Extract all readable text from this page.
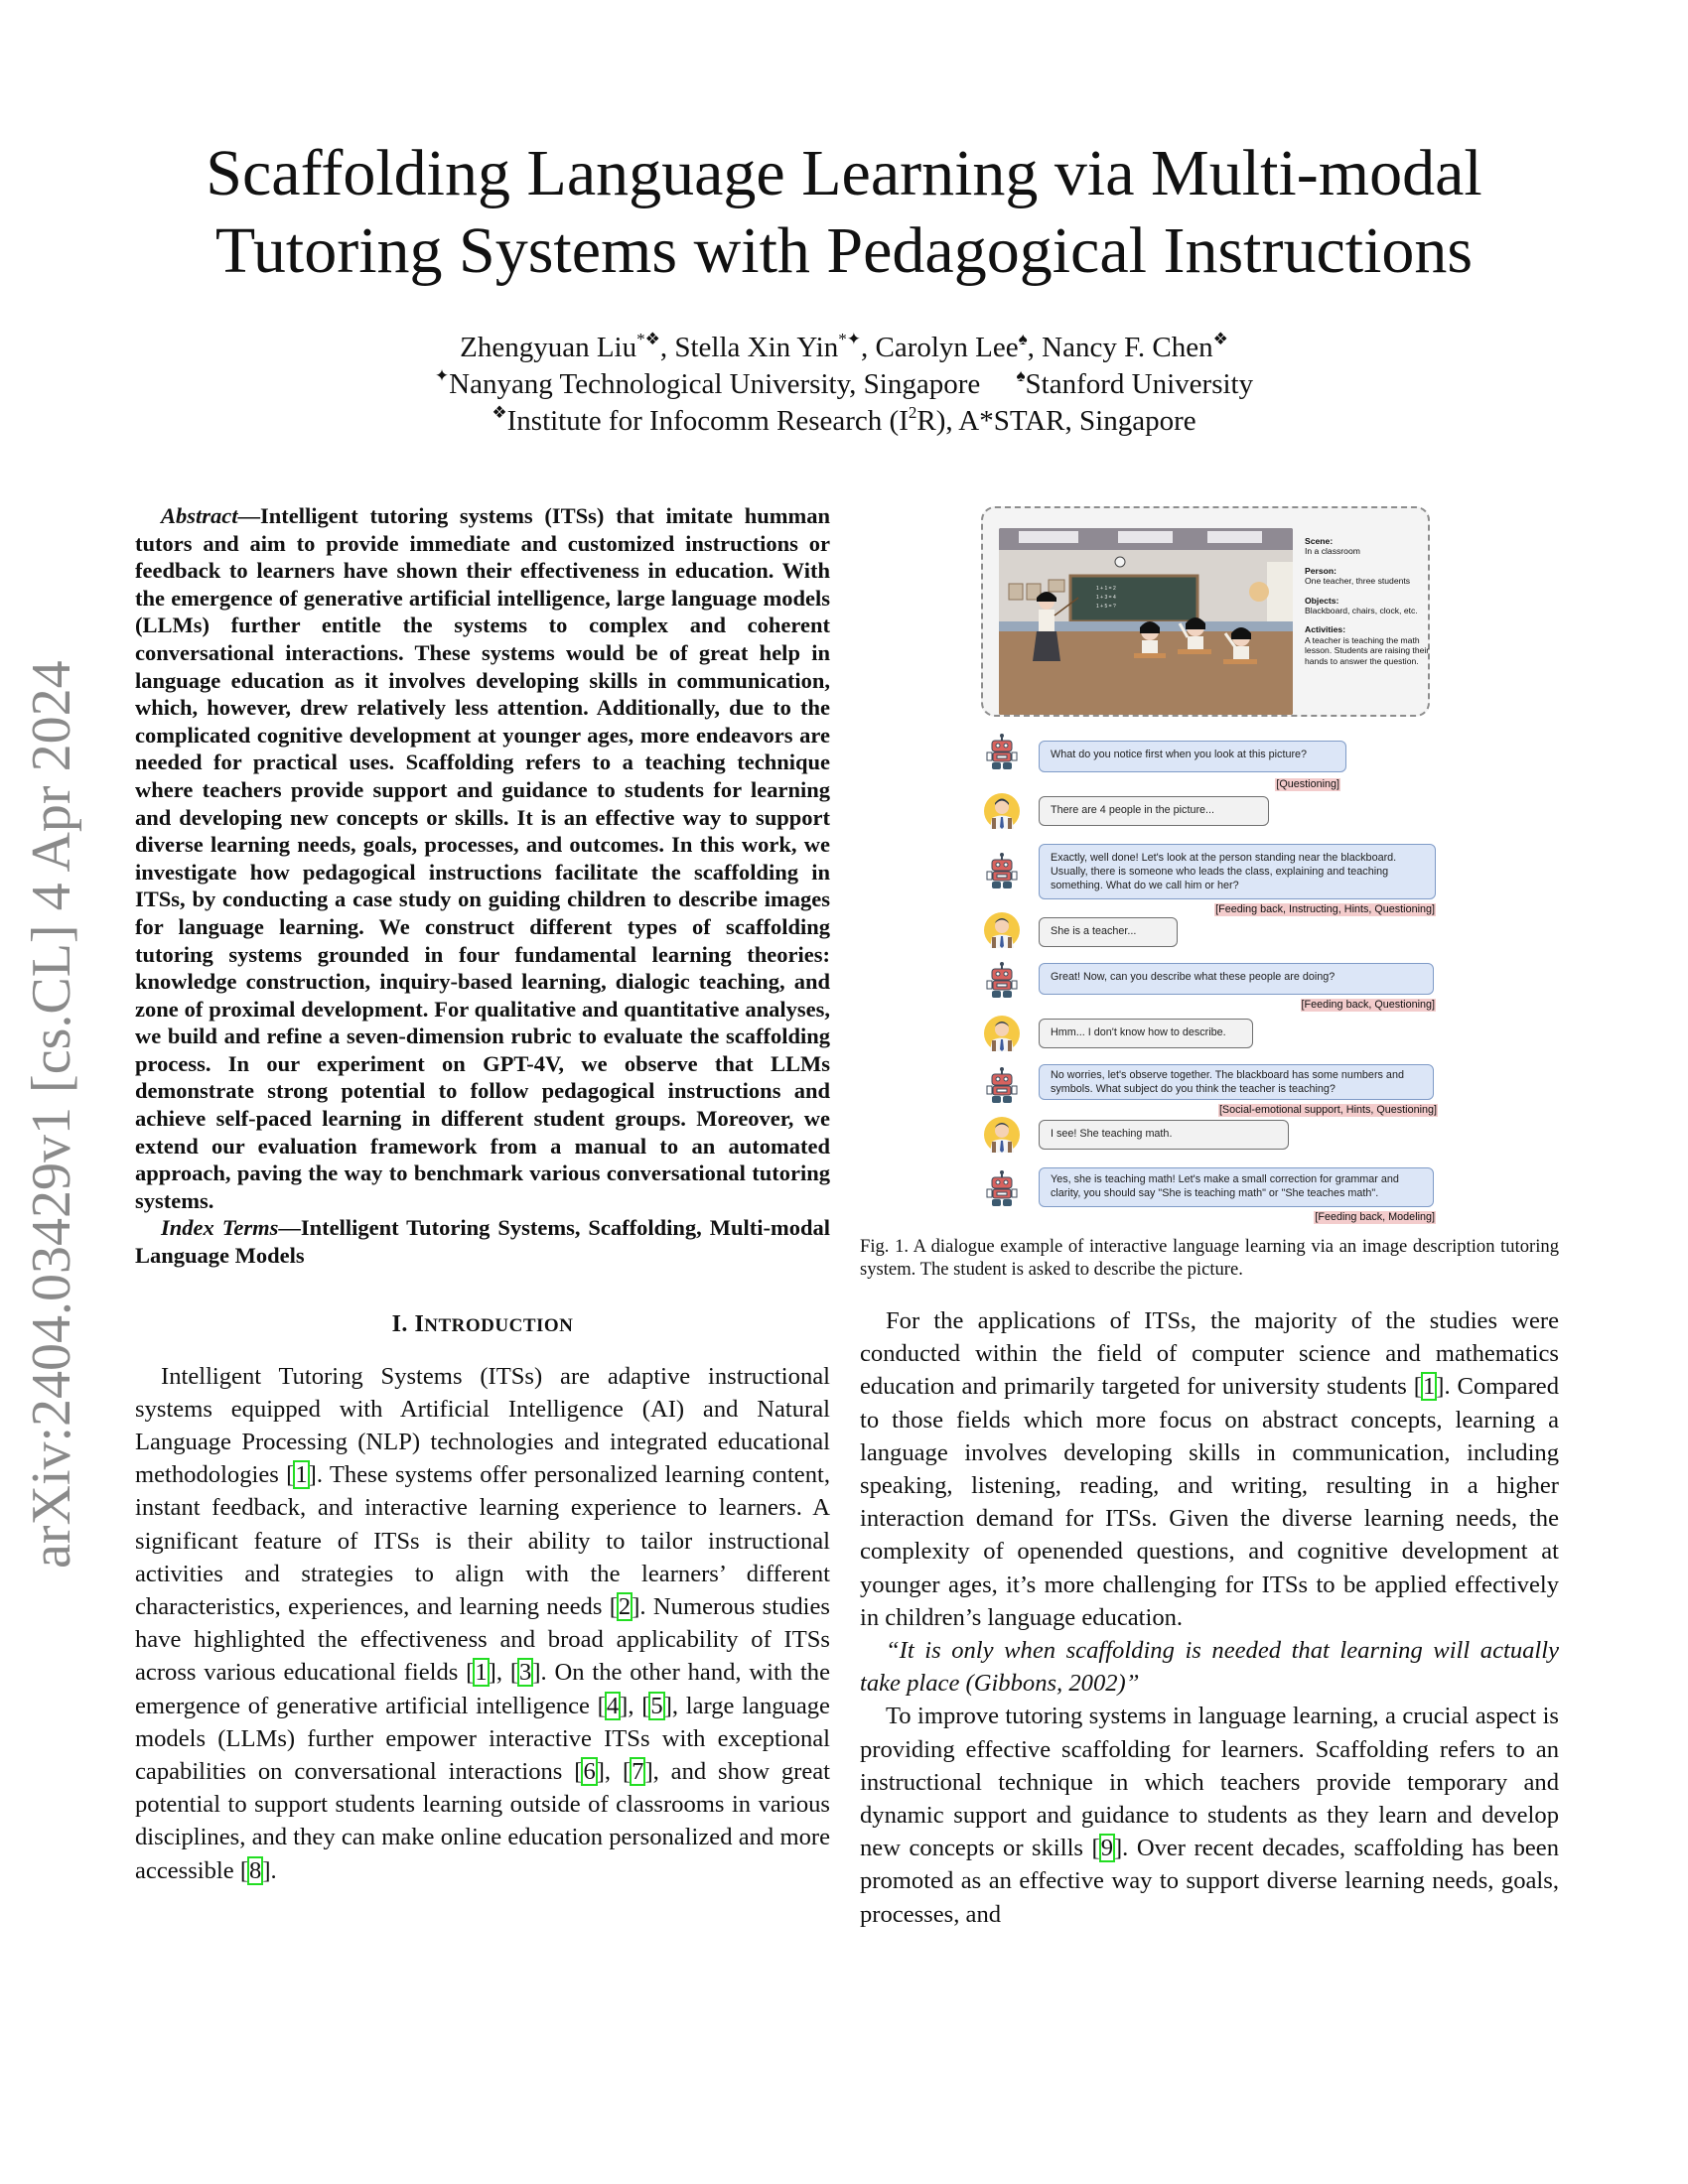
arXiv:2404.03429v1 [cs.CL] 4 Apr 2024
Scaffolding Language Learning via Multi-modal
Tutoring Systems with Pedagogical Instructions
Zhengyuan Liu*❖, Stella Xin Yin*✦, Carolyn Lee♠, Nancy F. Chen❖
✦Nanyang Technological University, Singapore ♠Stanford University
❖Institute for Infocomm Research $(I^2R)$, A*STAR, Singapore

Abstract—Intelligent tutoring systems (ITSs) that imitate humman tutors and aim to provide immediate and customized instructions or feedback to learners have shown their effectiveness in education. With the emergence of generative artificial intelligence, large language models (LLMs) further entitle the systems to complex and coherent conversational interactions. These systems would be of great help in language education as it involves developing skills in communication, which, however, drew relatively less attention. Additionally, due to the complicated cognitive development at younger ages, more endeavors are needed for practical uses. Scaffolding refers to a teaching technique where teachers provide support and guidance to students for learning and developing new concepts or skills. It is an effective way to support diverse learning needs, goals, processes, and outcomes. In this work, we investigate how pedagogical instructions facilitate the scaffolding in ITSs, by conducting a case study on guiding children to describe images for language learning. We construct different types of scaffolding tutoring systems grounded in four fundamental learning theories: knowledge construction, inquiry-based learning, dialogic teaching, and zone of proximal development. For qualitative and quantitative analyses, we build and refine a seven-dimension rubric to evaluate the scaffolding process. In our experiment on GPT-4V, we observe that LLMs demonstrate strong potential to follow pedagogical instructions and achieve self-paced learning in different student groups. Moreover, we extend our evaluation framework from a manual to an automated approach, paving the way to benchmark various conversational tutoring systems.

Index Terms—Intelligent Tutoring Systems, Scaffolding, Multi-modal Language Models

I. INTRODUCTION

Intelligent Tutoring Systems (ITSs) are adaptive instructional systems equipped with Artificial Intelligence (AI) and Natural Language Processing (NLP) technologies and integrated educational methodologies [1]. These systems offer personalized learning content, instant feedback, and interactive learning experience to learners. A significant feature of ITSs is their ability to tailor instructional activities and strategies to align with the learners’ different characteristics, experiences, and learning needs [2]. Numerous studies have highlighted the effectiveness and broad applicability of ITSs across various educational fields [1], [3]. On the other hand, with the emergence of generative artificial intelligence [4], [5], large language models (LLMs) further empower interactive ITSs with exceptional capabilities on conversational interactions [6], [7], and show great potential to support students learning outside of classrooms in various disciplines, and they can make online education personalized and more accessible [8].

1 + 1 = 2
1 + 3 = 4
1 + 5 = ?
Scene:
In a classroom
Person:
One teacher, three students
Objects:
Blackboard, chairs, clock, etc.
Activities:
A teacher is teaching the math lesson. Students are raising their hands to answer the question.
What do you notice first when you look at this picture?
[Questioning]
There are 4 people in the picture...
Exactly, well done! Let's look at the person standing near the blackboard. Usually, there is someone who leads the class, explaining and teaching something. What do we call him or her?
[Feeding back, Instructing, Hints, Questioning]
She is a teacher...
Great! Now, can you describe what these people are doing?
[Feeding back, Questioning]
Hmm... I don't know how to describe.
No worries, let's observe together. The blackboard has some numbers and symbols. What subject do you think the teacher is teaching?
[Social-emotional support, Hints, Questioning]
I see! She teaching math.
Yes, she is teaching math! Let's make a small correction for grammar and clarity, you should say "She is teaching math" or "She teaches math".
[Feeding back, Modeling]

Fig. 1. A dialogue example of interactive language learning via an image description tutoring system. The student is asked to describe the picture.

For the applications of ITSs, the majority of the studies were conducted within the field of computer science and mathematics education and primarily targeted for university students [1]. Compared to those fields which more focus on abstract concepts, learning a language involves developing skills in communication, including speaking, listening, reading, and writing, resulting in a higher interaction demand for ITSs. Given the diverse learning needs, the complexity of openended questions, and cognitive development at younger ages, it’s more challenging for ITSs to be applied effectively in children’s language education.

“It is only when scaffolding is needed that learning will actually take place (Gibbons, 2002)”

To improve tutoring systems in language learning, a crucial aspect is providing effective scaffolding for learners. Scaffolding refers to an instructional technique in which teachers provide temporary and dynamic support and guidance to students as they learn and develop new concepts or skills [9]. Over recent decades, scaffolding has been promoted as an effective way to support diverse learning needs, goals, processes, and
